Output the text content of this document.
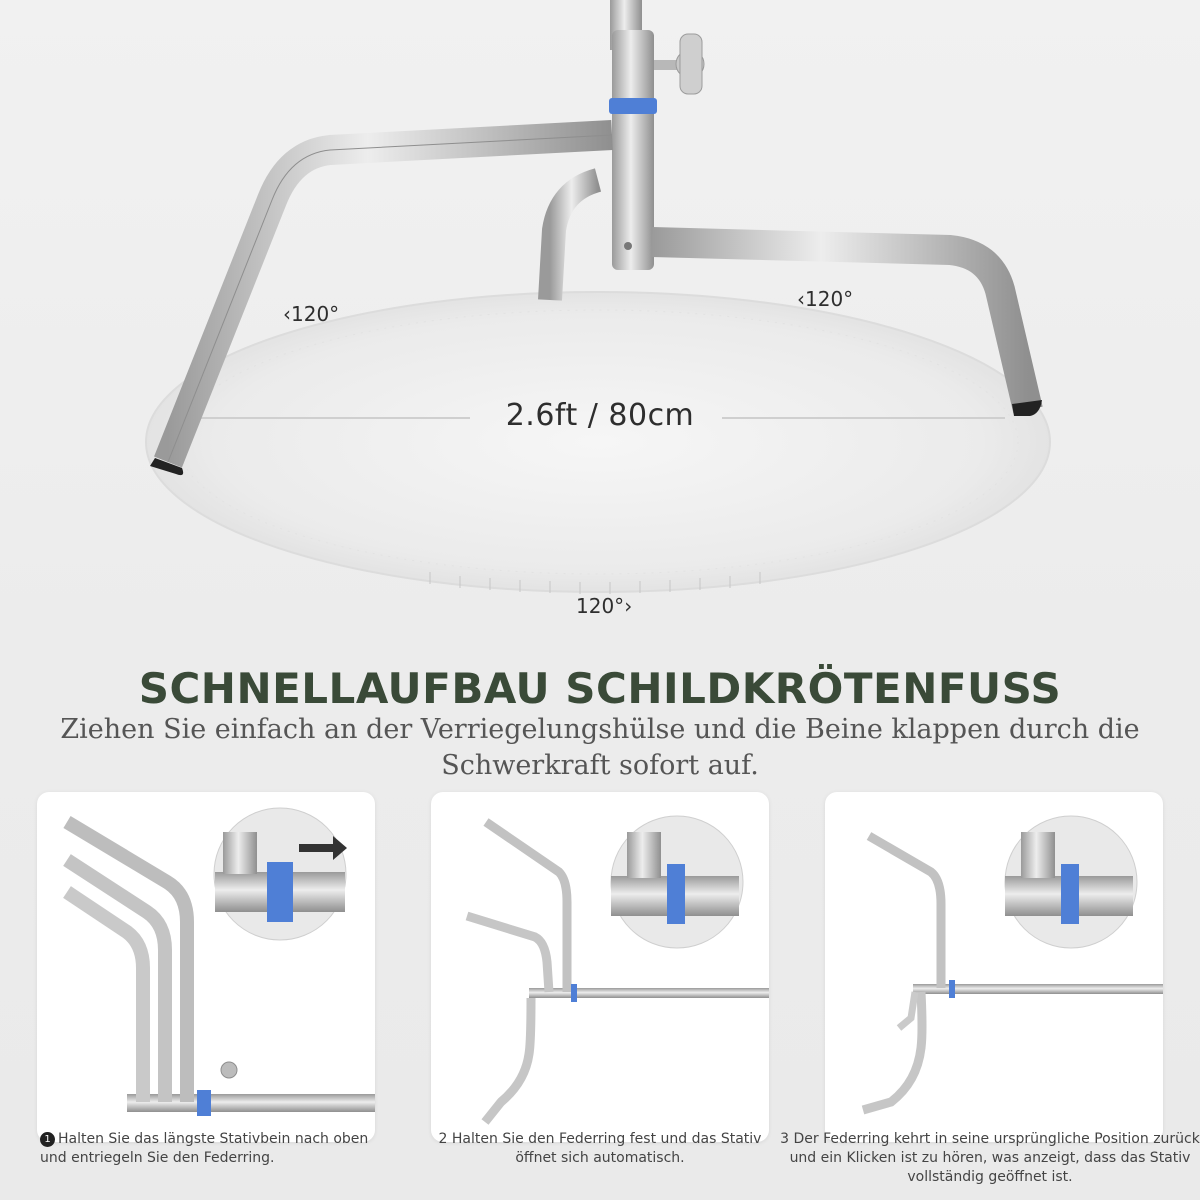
2.6ft / 80cm
‹120°
‹120°
120°›
SCHNELLAUFBAU SCHILDKRÖTENFUSS
Ziehen Sie einfach an der Verriegelungshülse und die Beine klappen durch die
Schwerkraft sofort auf.
1 Halten Sie das längste Stativbein nach oben und entriegeln Sie den Federring.
2 Halten Sie den Federring fest und das Stativ öffnet sich automatisch.
3 Der Federring kehrt in seine ursprüngliche Position zurück und ein Klicken ist zu hören, was anzeigt, dass das Stativ vollständig geöffnet ist.
